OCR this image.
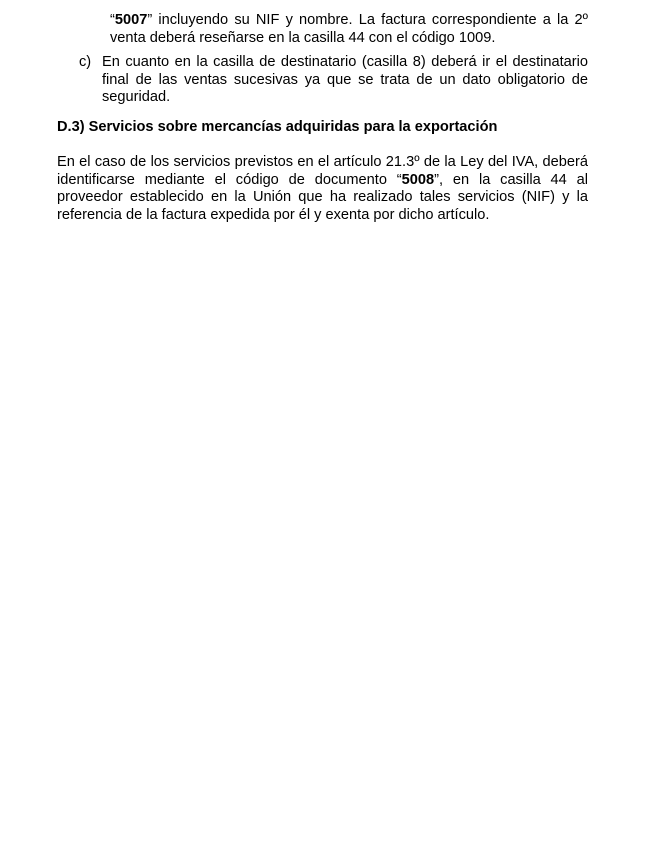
“5007” incluyendo su NIF y nombre. La factura correspondiente a la 2º venta deberá reseñarse en la casilla 44 con el código 1009.

c) En cuanto en la casilla de destinatario (casilla 8) deberá ir el destinatario final de las ventas sucesivas ya que se trata de un dato obligatorio de seguridad.

D.3) Servicios sobre mercancías adquiridas para la exportación

En el caso de los servicios previstos en el artículo 21.3º de la Ley del IVA, deberá identificarse mediante el código de documento “5008”, en la casilla 44 al proveedor establecido en la Unión que ha realizado tales servicios (NIF) y la referencia de la factura expedida por él y exenta por dicho artículo.
